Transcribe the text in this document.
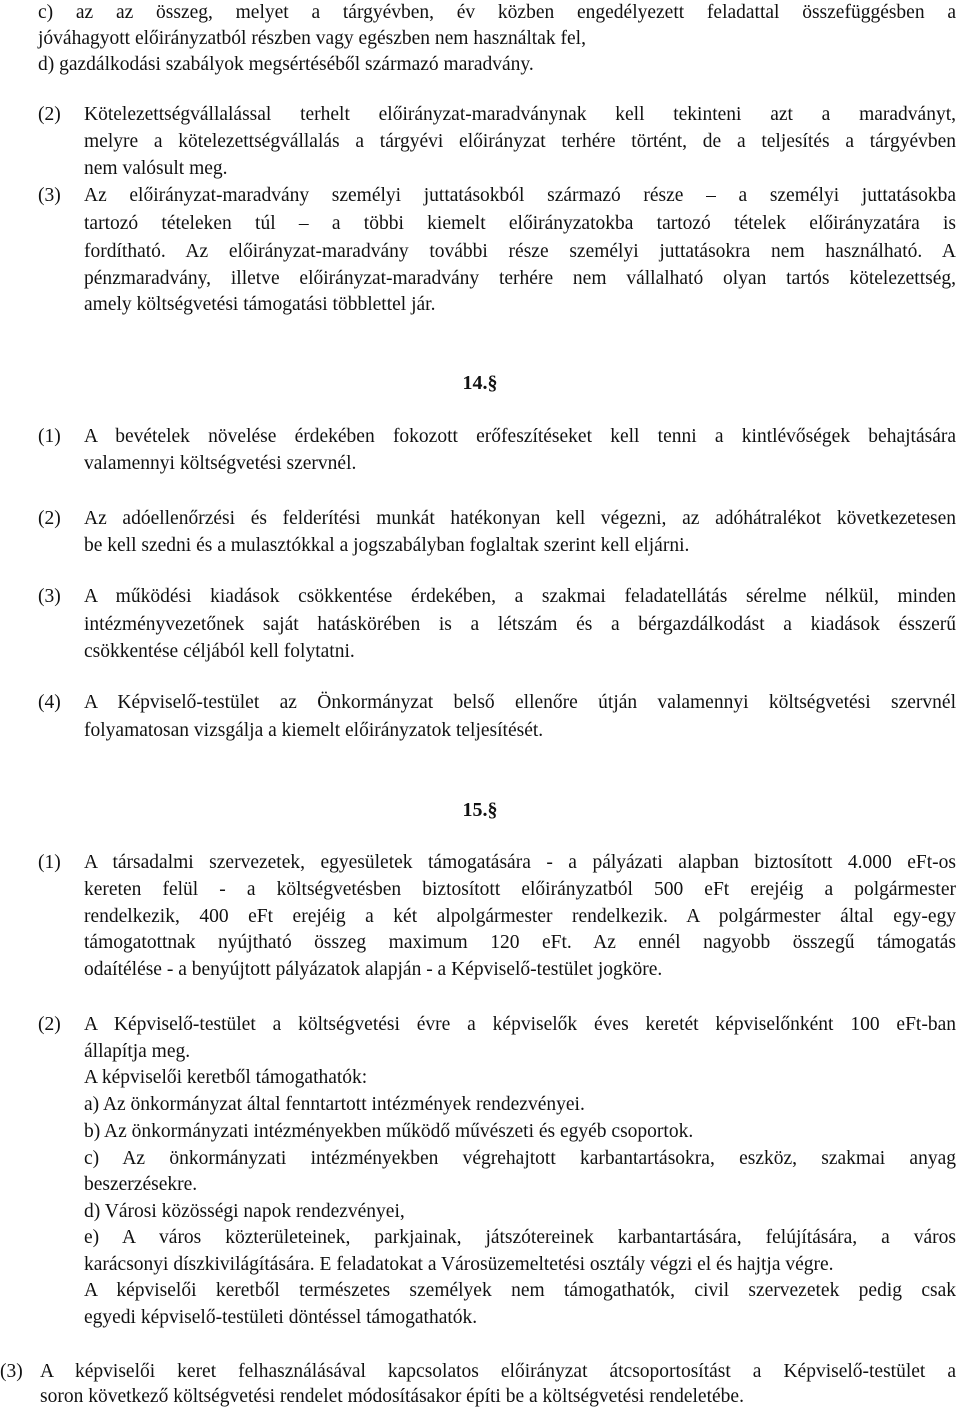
c) az az összeg, melyet a tárgyévben, év közben engedélyezett feladattal összefüggésben a
jóváhagyott előirányzatból részben vagy egészben nem használtak fel,
d) gazdálkodási szabályok megsértéséből származó maradvány.
(2) Kötelezettségvállalással terhelt előirányzat-maradványnak kell tekinteni azt a maradványt,
melyre a kötelezettségvállalás a tárgyévi előirányzat terhére történt, de a teljesítés a tárgyévben
nem valósult meg.
(3) Az előirányzat-maradvány személyi juttatásokból származó része – a személyi juttatásokba
tartozó tételeken túl – a többi kiemelt előirányzatokba tartozó tételek előirányzatára is
fordítható. Az előirányzat-maradvány további része személyi juttatásokra nem használható. A
pénzmaradvány, illetve előirányzat-maradvány terhére nem vállalható olyan tartós kötelezettség,
amely költségvetési támogatási többlettel jár.
14.§
(1) A bevételek növelése érdekében fokozott erőfeszítéseket kell tenni a kintlévőségek behajtására
valamennyi költségvetési szervnél.
(2) Az adóellenőrzési és felderítési munkát hatékonyan kell végezni, az adóhátralékot következetesen
be kell szedni és a mulasztókkal a jogszabályban foglaltak szerint kell eljárni.
(3) A működési kiadások csökkentése érdekében, a szakmai feladatellátás sérelme nélkül, minden
intézményvezetőnek saját hatáskörében is a létszám és a bérgazdálkodást a kiadások ésszerű
csökkentése céljából kell folytatni.
(4) A Képviselő-testület az Önkormányzat belső ellenőre útján valamennyi költségvetési szervnél
folyamatosan vizsgálja a kiemelt előirányzatok teljesítését.
15.§
(1) A társadalmi szervezetek, egyesületek támogatására - a pályázati alapban biztosított 4.000 eFt-os
kereten felül - a költségvetésben biztosított előirányzatból 500 eFt erejéig a polgármester
rendelkezik, 400 eFt erejéig a két alpolgármester rendelkezik. A polgármester által egy-egy
támogatottnak nyújtható összeg maximum 120 eFt. Az ennél nagyobb összegű támogatás
odaítélése - a benyújtott pályázatok alapján - a Képviselő-testület jogköre.
(2) A Képviselő-testület a költségvetési évre a képviselők éves keretét képviselőnként 100 eFt-ban
állapítja meg.
A képviselői keretből támogathatók:
a) Az önkormányzat által fenntartott intézmények rendezvényei.
b) Az önkormányzati intézményekben működő művészeti és egyéb csoportok.
c) Az önkormányzati intézményekben végrehajtott karbantartásokra, eszköz, szakmai anyag
beszerzésekre.
d) Városi közösségi napok rendezvényei,
e) A város közterületeinek, parkjainak, játszótereinek karbantartására, felújítására, a város
karácsonyi díszkivilágítására. E feladatokat a Városüzemeltetési osztály végzi el és hajtja végre.
A képviselői keretből természetes személyek nem támogathatók, civil szervezetek pedig csak
egyedi képviselő-testületi döntéssel támogathatók.
(3) A képviselői keret felhasználásával kapcsolatos előirányzat átcsoportosítást a Képviselő-testület a
soron következő költségvetési rendelet módosításakor építi be a költségvetési rendeletébe.
